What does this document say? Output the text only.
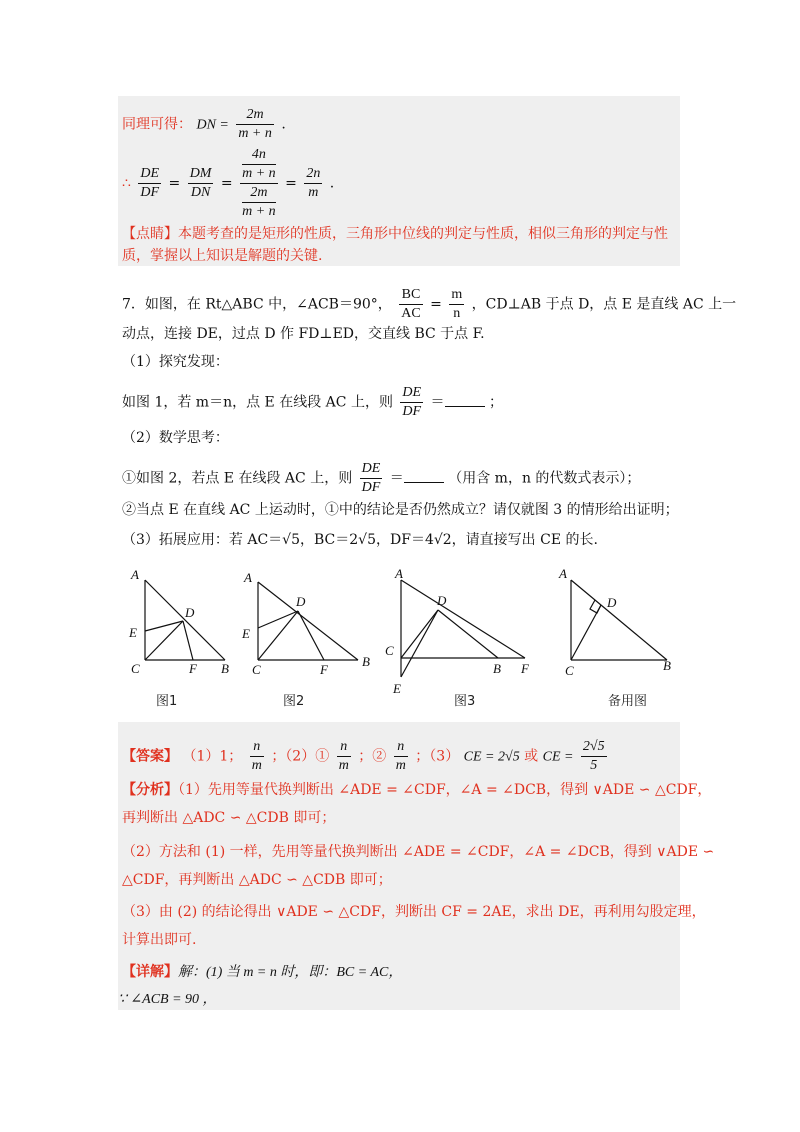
同理可得： DN = $\frac{2m}{m + n}$ .
∴ $\frac{DE}{DF} = \frac{DM}{DN} = 4n$
m + n
2m
$m + n = \frac{2n}{m}$ .
【点睛】本题考查的是矩形的性质，三角形中位线的判定与性质，相似三角形的判定与性
质，掌握以上知识是解题的关键.
7．如图，在 Rt△ABC 中，∠ACB＝90°， $\frac{BC}{AC} = \frac{m}{n}$ ，CD⊥AB 于点 D，点 E 是直线 AC 上一
动点，连接 DE，过点 D 作 FD⊥ED，交直线 BC 于点 F.
（1）探究发现：
如图 1，若 m＝n，点 E 在线段 AC 上，则 $\frac{DE}{DF}$ ＝	；
（2）数学思考：
①如图 2，若点 E 在线段 AC 上，则 $\frac{DE}{DF}$ ＝	（用含 m，n 的代数式表示）；
②当点 E 在直线 AC 上运动时，①中的结论是否仍然成立？请仅就图 3 的情形给出证明；
（3）拓展应用：若 AC＝√5，BC＝2√5，DF＝4√2，请直接写出 CE 的长.
A
D
E
C	F B
图1
A
D
E
C	F
B
图2
A
D
C
B F
E
图3
A
D
C	B
备用图
【答案】 （1）1； $\frac{n}{m}$ ；（2）① $\frac{n}{m}$ ；② $\frac{n}{m}$ ；（3） CE = 2√5 或 CE = $\frac{2√5}{5}$
【分析】（1）先用等量代换判断出 ∠ADE = ∠CDF，∠A = ∠DCB，得到 ∨ADE ∽ △CDF，
再判断出 △ADC ∽ △CDB 即可；
（2）方法和 (1) 一样，先用等量代换判断出 ∠ADE = ∠CDF，∠A = ∠DCB，得到 ∨ADE ∽
△CDF，再判断出 △ADC ∽ △CDB 即可；
（3）由 (2) 的结论得出 ∨ADE ∽ △CDF，判断出 CF = 2AE，求出 DE，再利用勾股定理，
计算出即可.
【详解】解：(1) 当 m = n 时，即：BC = AC，
∵ ∠ACB = 90 ，
